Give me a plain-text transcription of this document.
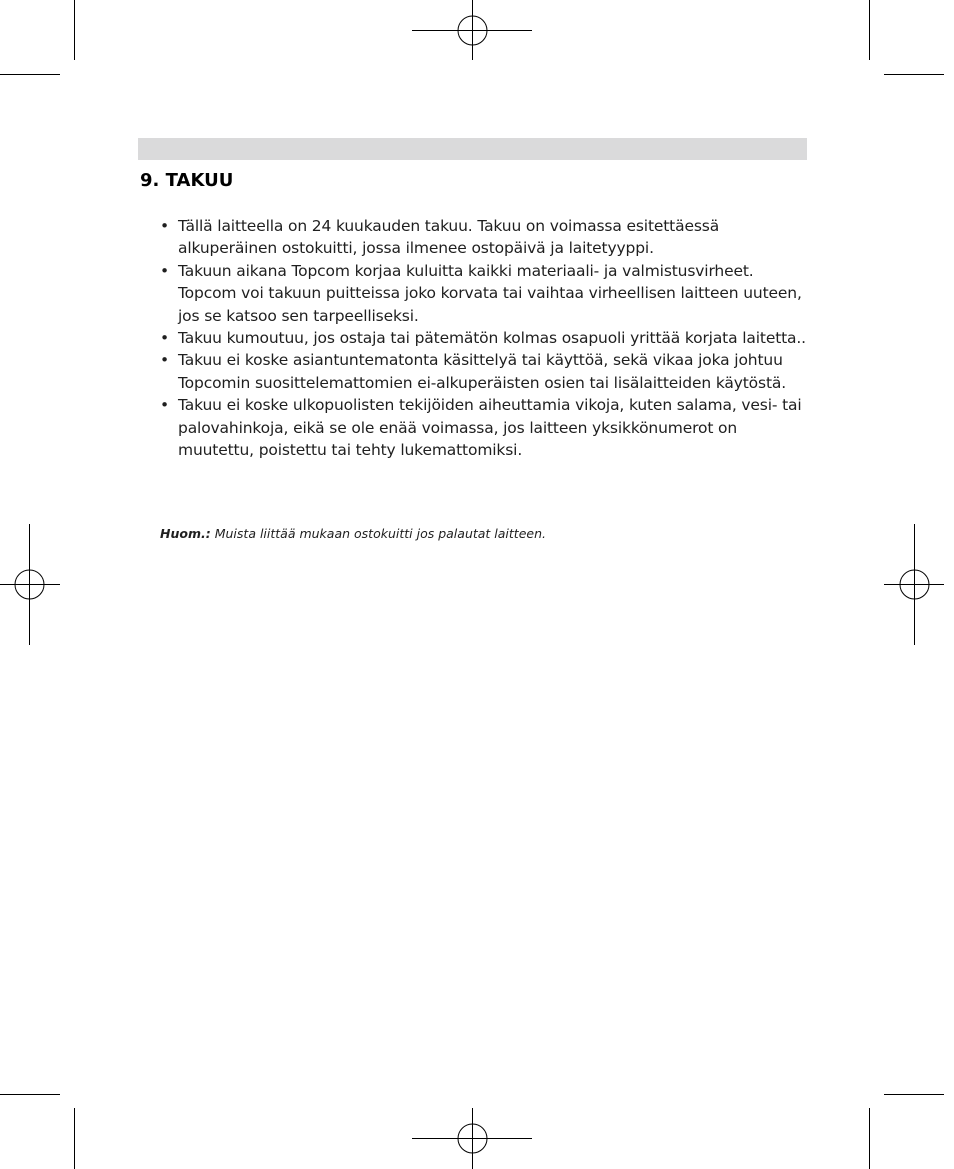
9. TAKUU
• Tällä laitteella on 24 kuukauden takuu. Takuu on voimassa esitettäessä alkuperäinen ostokuitti, jossa ilmenee ostopäivä ja laitetyyppi.
• Takuun aikana Topcom korjaa kuluitta kaikki materiaali- ja valmistusvirheet. Topcom voi takuun puitteissa joko korvata tai vaihtaa virheellisen laitteen uuteen, jos se katsoo sen tarpeelliseksi.
• Takuu kumoutuu, jos ostaja tai pätemätön kolmas osapuoli yrittää korjata laitetta..
• Takuu ei koske asiantuntematonta käsittelyä tai käyttöä, sekä vikaa joka johtuu Topcomin suosittelemattomien ei-alkuperäisten osien tai lisälaitteiden käytöstä.
• Takuu ei koske ulkopuolisten tekijöiden aiheuttamia vikoja, kuten salama, vesi- tai palovahinkoja, eikä se ole enää voimassa, jos laitteen yksikkönumerot on muutettu, poistettu tai tehty lukemattomiksi.

Huom.: Muista liittää mukaan ostokuitti jos palautat laitteen.
